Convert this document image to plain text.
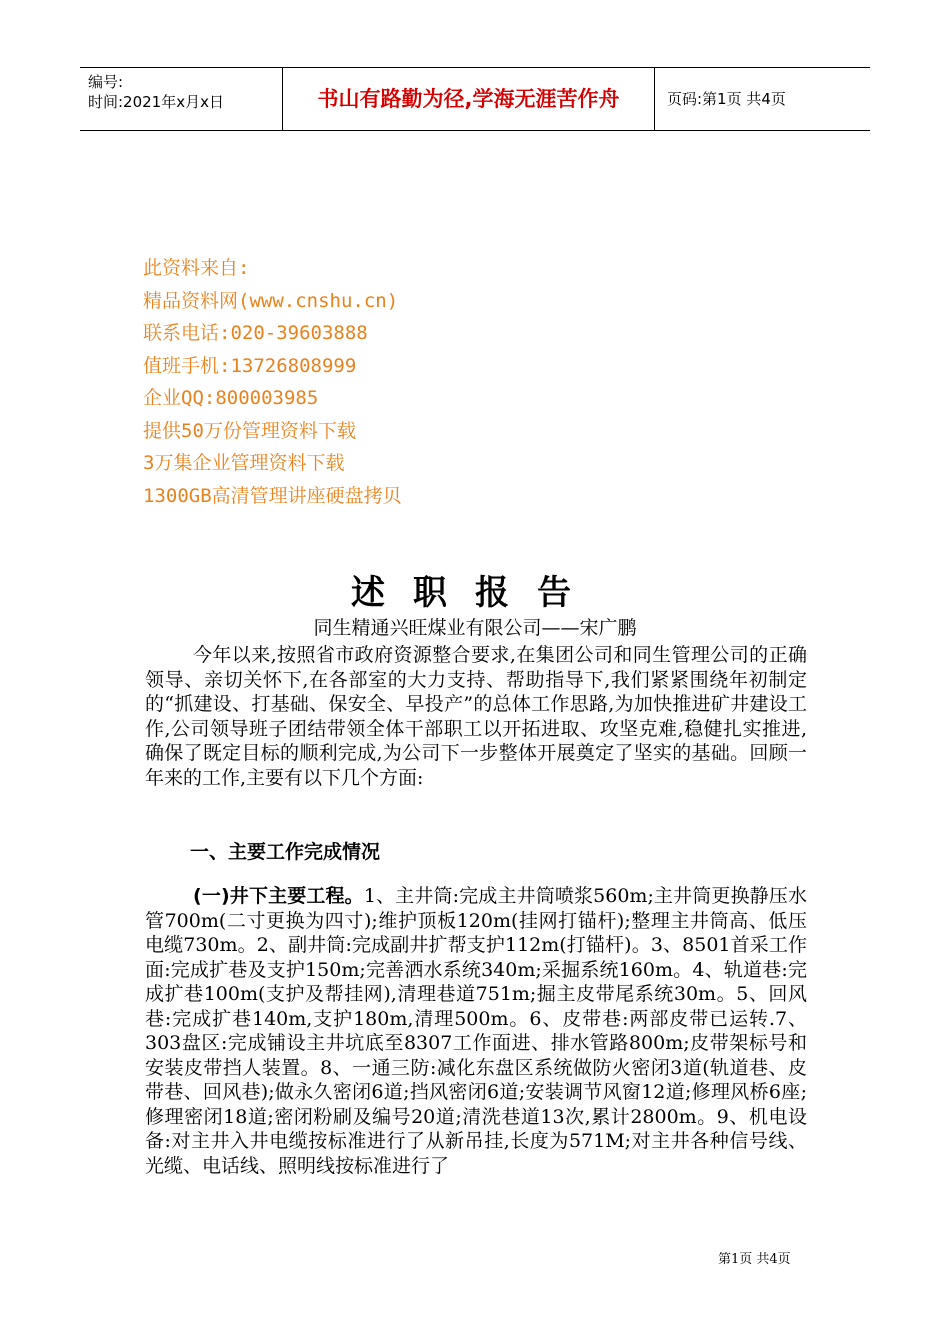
编号:
时间:2021年x月x日	书山有路勤为径,学海无涯苦作舟	页码:第1页 共4页
此资料来自:
精品资料网(www.cnshu.cn)
联系电话:020-39603888
值班手机:13726808999
企业QQ:800003985
提供50万份管理资料下载
3万集企业管理资料下载
1300GB高清管理讲座硬盘拷贝
述职报告
同生精通兴旺煤业有限公司——宋广鹏
今年以来,按照省市政府资源整合要求,在集团公司和同生管理公司的正确领导、亲切关怀下,在各部室的大力支持、帮助指导下,我们紧紧围绕年初制定的“抓建设、打基础、保安全、早投产”的总体工作思路,为加快推进矿井建设工作,公司领导班子团结带领全体干部职工以开拓进取、攻坚克难,稳健扎实推进,确保了既定目标的顺利完成,为公司下一步整体开展奠定了坚实的基础。回顾一年来的工作,主要有以下几个方面:
一、主要工作完成情况
(一)井下主要工程。1、主井筒:完成主井筒喷浆560m;主井筒更换静压水管700m(二寸更换为四寸);维护顶板120m(挂网打锚杆);整理主井筒高、低压电缆730m。2、副井筒:完成副井扩帮支护112m(打锚杆)。3、8501首采工作面:完成扩巷及支护150m;完善洒水系统340m;采掘系统160m。4、轨道巷:完成扩巷100m(支护及帮挂网),清理巷道751m;掘主皮带尾系统30m。5、回风巷:完成扩巷140m,支护180m,清理500m。6、皮带巷:两部皮带已运转.7、303盘区:完成铺设主井坑底至8307工作面进、排水管路800m;皮带架标号和安装皮带挡人装置。8、一通三防:减化东盘区系统做防火密闭3道(轨道巷、皮带巷、回风巷);做永久密闭6道;挡风密闭6道;安装调节风窗12道;修理风桥6座;修理密闭18道;密闭粉刷及编号20道;清洗巷道13次,累计2800m。9、机电设备:对主井入井电缆按标准进行了从新吊挂,长度为571M;对主井各种信号线、光缆、电话线、照明线按标准进行了
第1页 共4页
